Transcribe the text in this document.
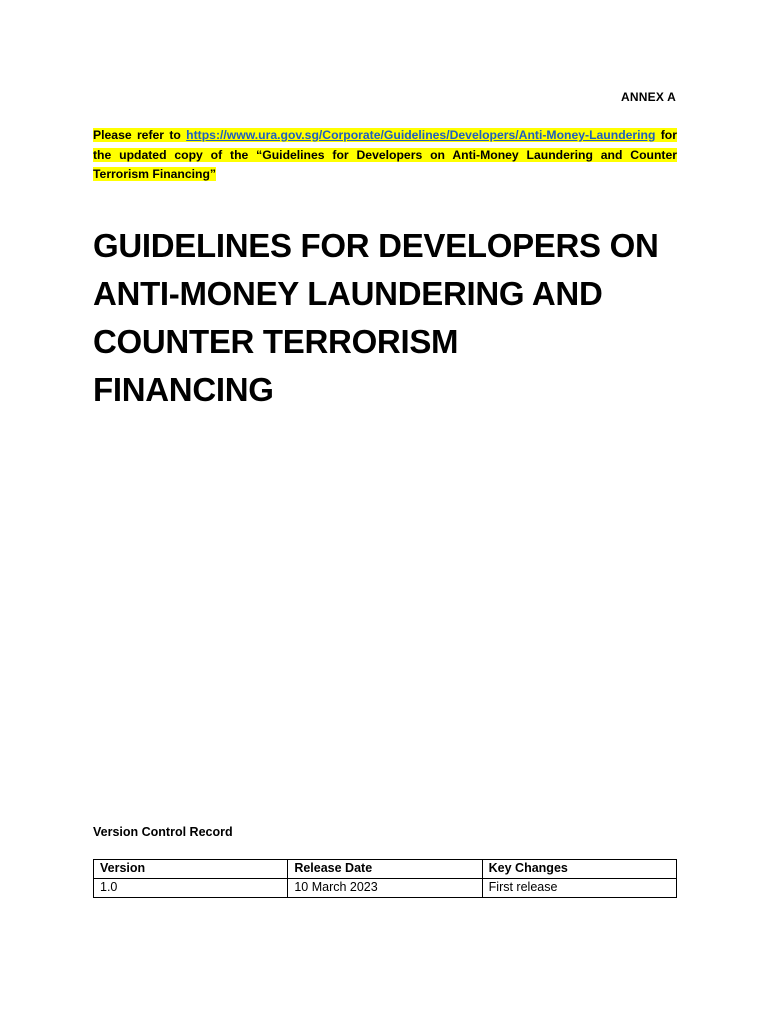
ANNEX A
Please refer to https://www.ura.gov.sg/Corporate/Guidelines/Developers/Anti-Money-Laundering for the updated copy of the “Guidelines for Developers on Anti-Money Laundering and Counter Terrorism Financing”
GUIDELINES FOR DEVELOPERS ON
ANTI-MONEY LAUNDERING AND
COUNTER TERRORISM
FINANCING
Version Control Record
Version	Release Date	Key Changes
1.0	10 March 2023	First release
